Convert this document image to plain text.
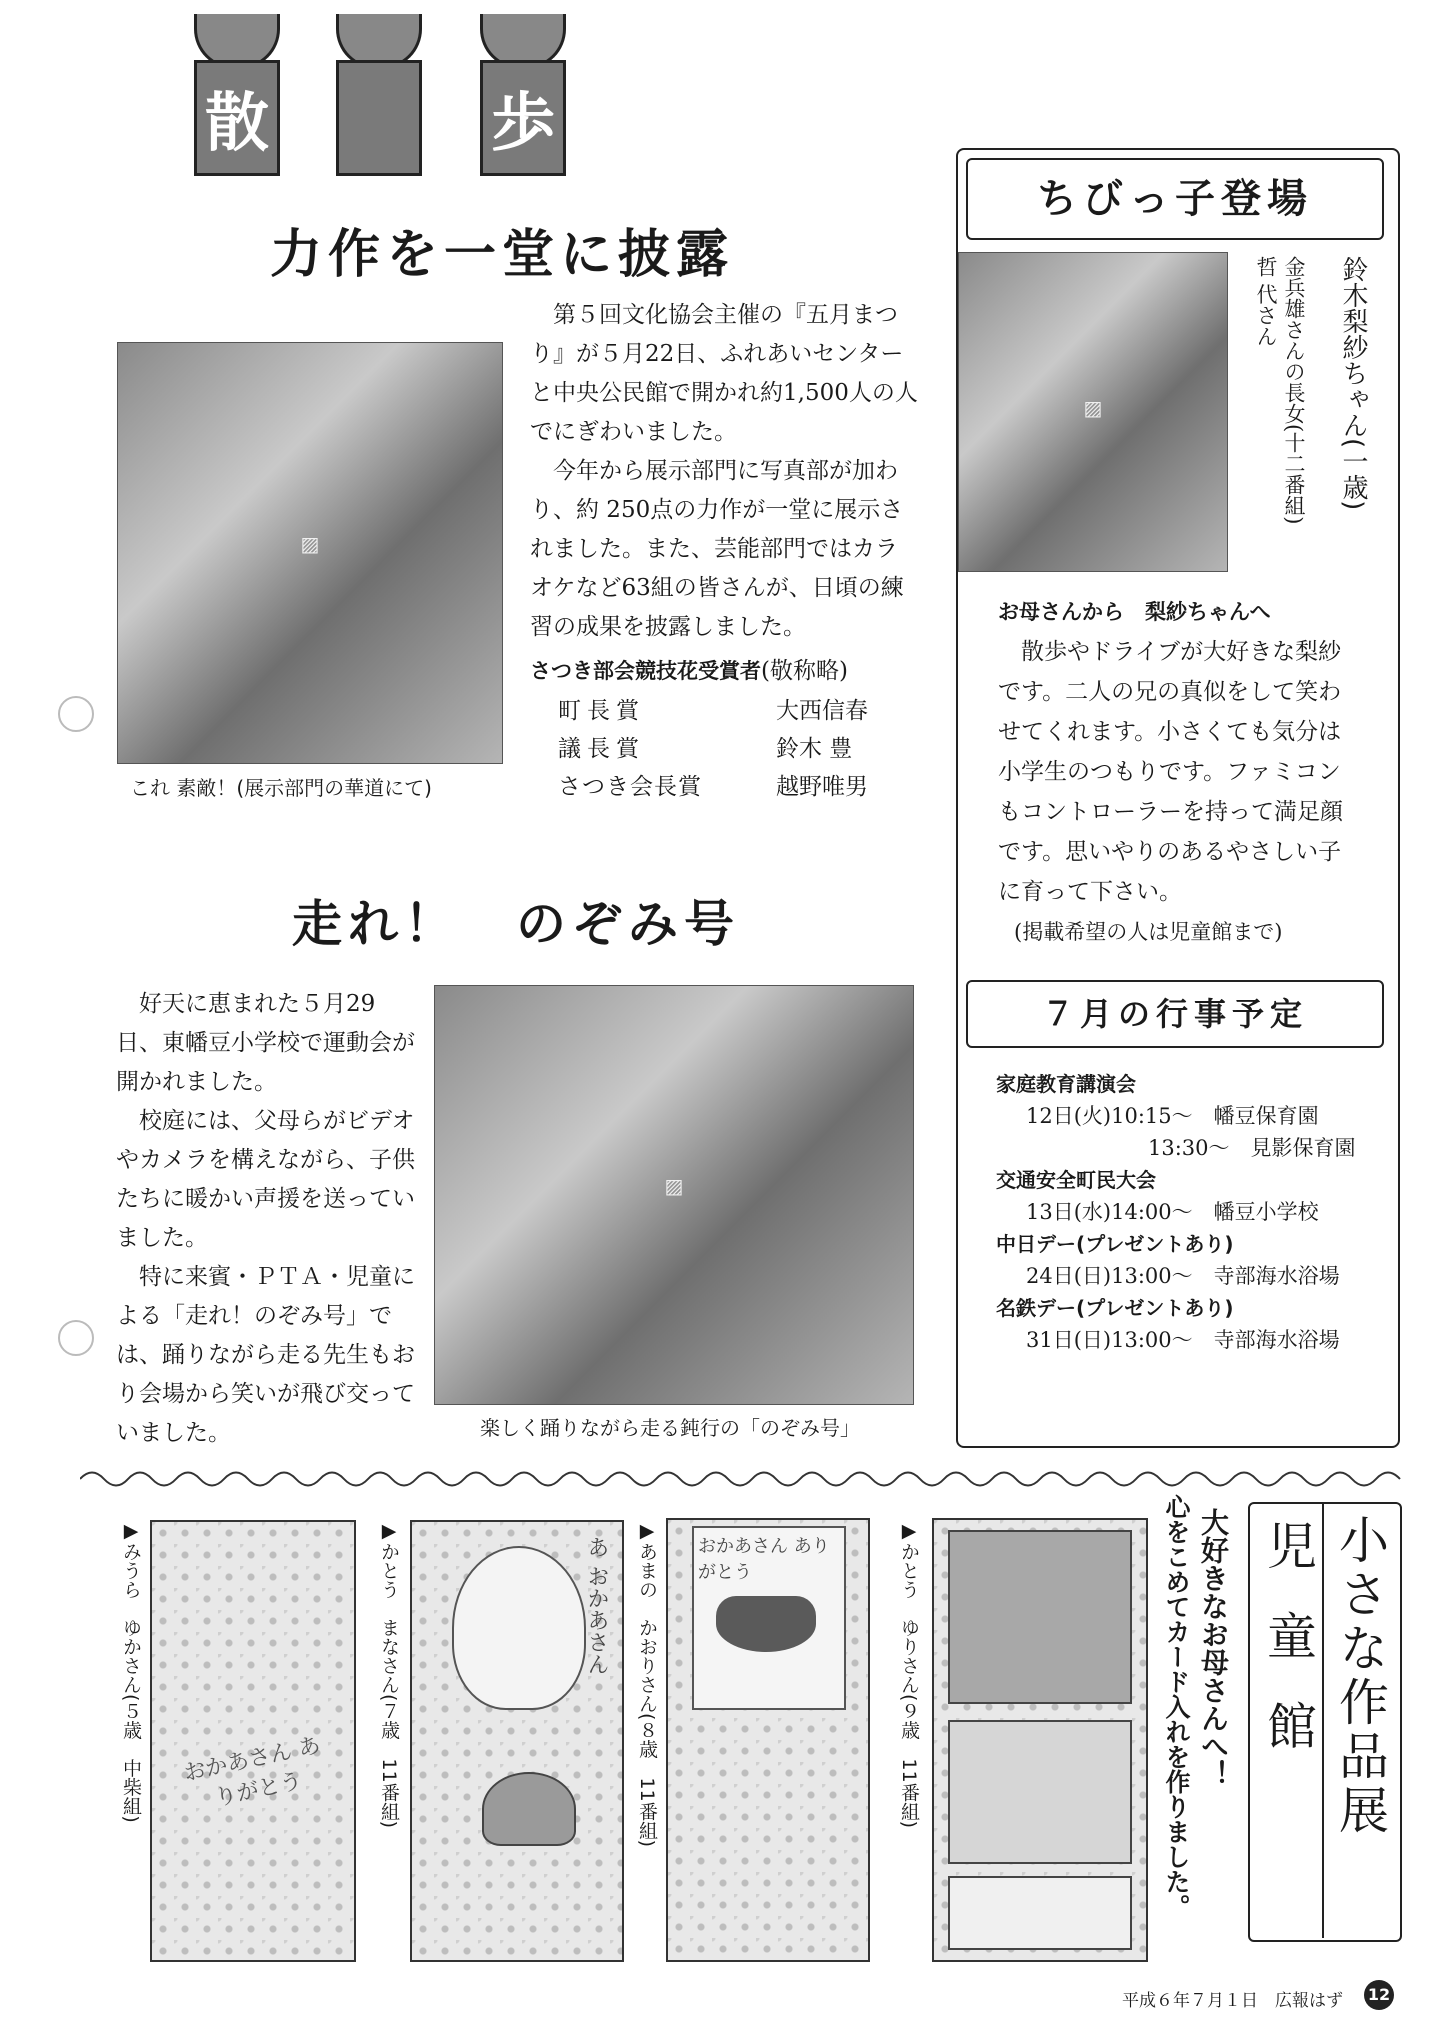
散	歩
力作を一堂に披露
▨
これ 素敵！(展示部門の華道にて)

第５回文化協会主催の『五月まつり』が５月22日、ふれあいセンターと中央公民館で開かれ約1,500人の人でにぎわいました。

今年から展示部門に写真部が加わり、約 250点の力作が一堂に展示されました。また、芸能部門ではカラオケなど63組の皆さんが、日頃の練習の成果を披露しました。

さつき部会競技花受賞者(敬称略)
町長賞	大西信春
議長賞	鈴木 豊
さつき会長賞	越野唯男
走れ！　のぞみ号

好天に恵まれた５月29日、東幡豆小学校で運動会が開かれました。

校庭には、父母らがビデオやカメラを構えながら、子供たちに暖かい声援を送っていました。

特に来賓・ＰＴＡ・児童による「走れ！のぞみ号」では、踊りながら走る先生もおり会場から笑いが飛び交っていました。

▨
楽しく踊りながら走る鈍行の「のぞみ号」
ちびっ子登場
▨	鈴木梨紗ちゃん(一歳)
金兵雄さんの長女(十二番組)
哲 代さん
お母さんから　梨紗ちゃんへ
散歩やドライブが大好きな梨紗です。二人の兄の真似をして笑わせてくれます。小さくても気分は小学生のつもりです。ファミコンもコントローラーを持って満足顔です。思いやりのあるやさしい子に育って下さい。
(掲載希望の人は児童館まで)
７月の行事予定
家庭教育講演会
12日(火)10:15～　幡豆保育園
13:30～　見影保育園
交通安全町民大会
13日(水)14:00～　幡豆小学校
中日デー(プレゼントあり)
24日(日)13:00～　寺部海水浴場
名鉄デー(プレゼントあり)
31日(日)13:00～　寺部海水浴場
小さな作品展
児童館
大好きなお母さんへ！
心をこめてカード入れを作りました。
おかあさん ありがとう
▶みうら　ゆかさん(５歳　中柴組)	あ おかあさん
▶かとう　まなさん(７歳　11番組)	おかあさん ありがとう
▶あまの　かおりさん(８歳　11番組)	▶かとう　ゆりさん(９歳　11番組)
平成６年７月１日　広報はず 12
